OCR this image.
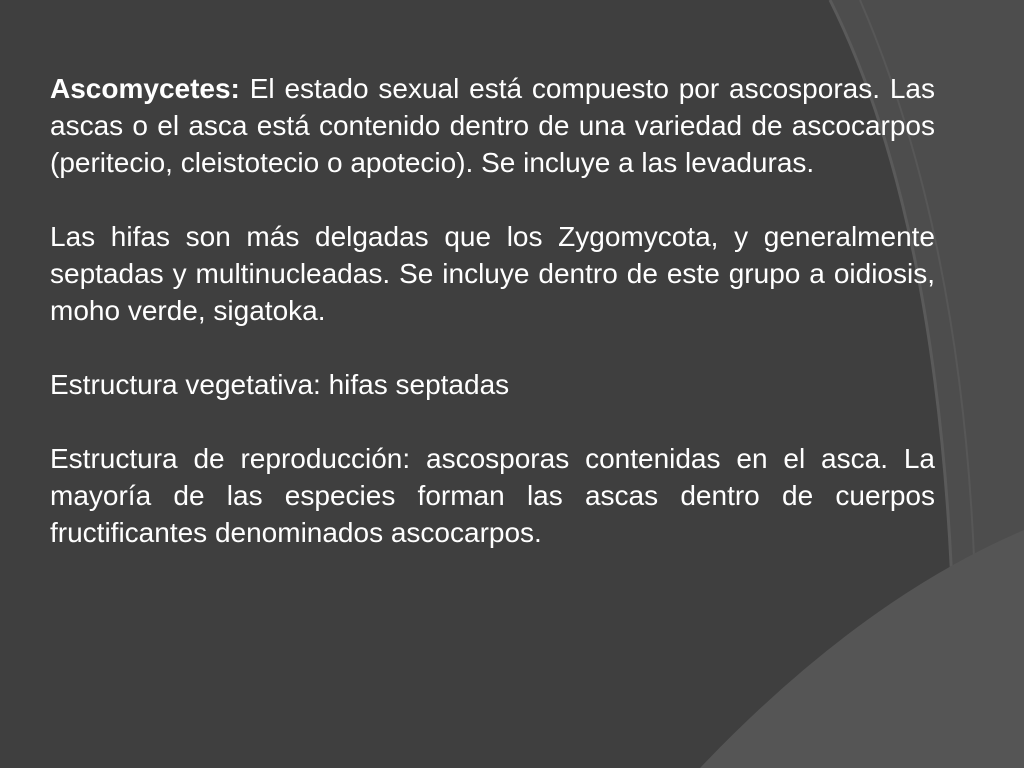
Ascomycetes: El estado sexual está compuesto por ascosporas. Las ascas o el asca está contenido dentro de una variedad de ascocarpos (peritecio, cleistotecio o apotecio). Se incluye a las levaduras.

Las hifas son más delgadas que los Zygomycota, y generalmente septadas y multinucleadas. Se incluye dentro de este grupo a oidiosis, moho verde, sigatoka.

Estructura vegetativa: hifas septadas

Estructura de reproducción: ascosporas contenidas en el asca. La mayoría de las especies forman las ascas dentro de cuerpos fructificantes denominados ascocarpos.
